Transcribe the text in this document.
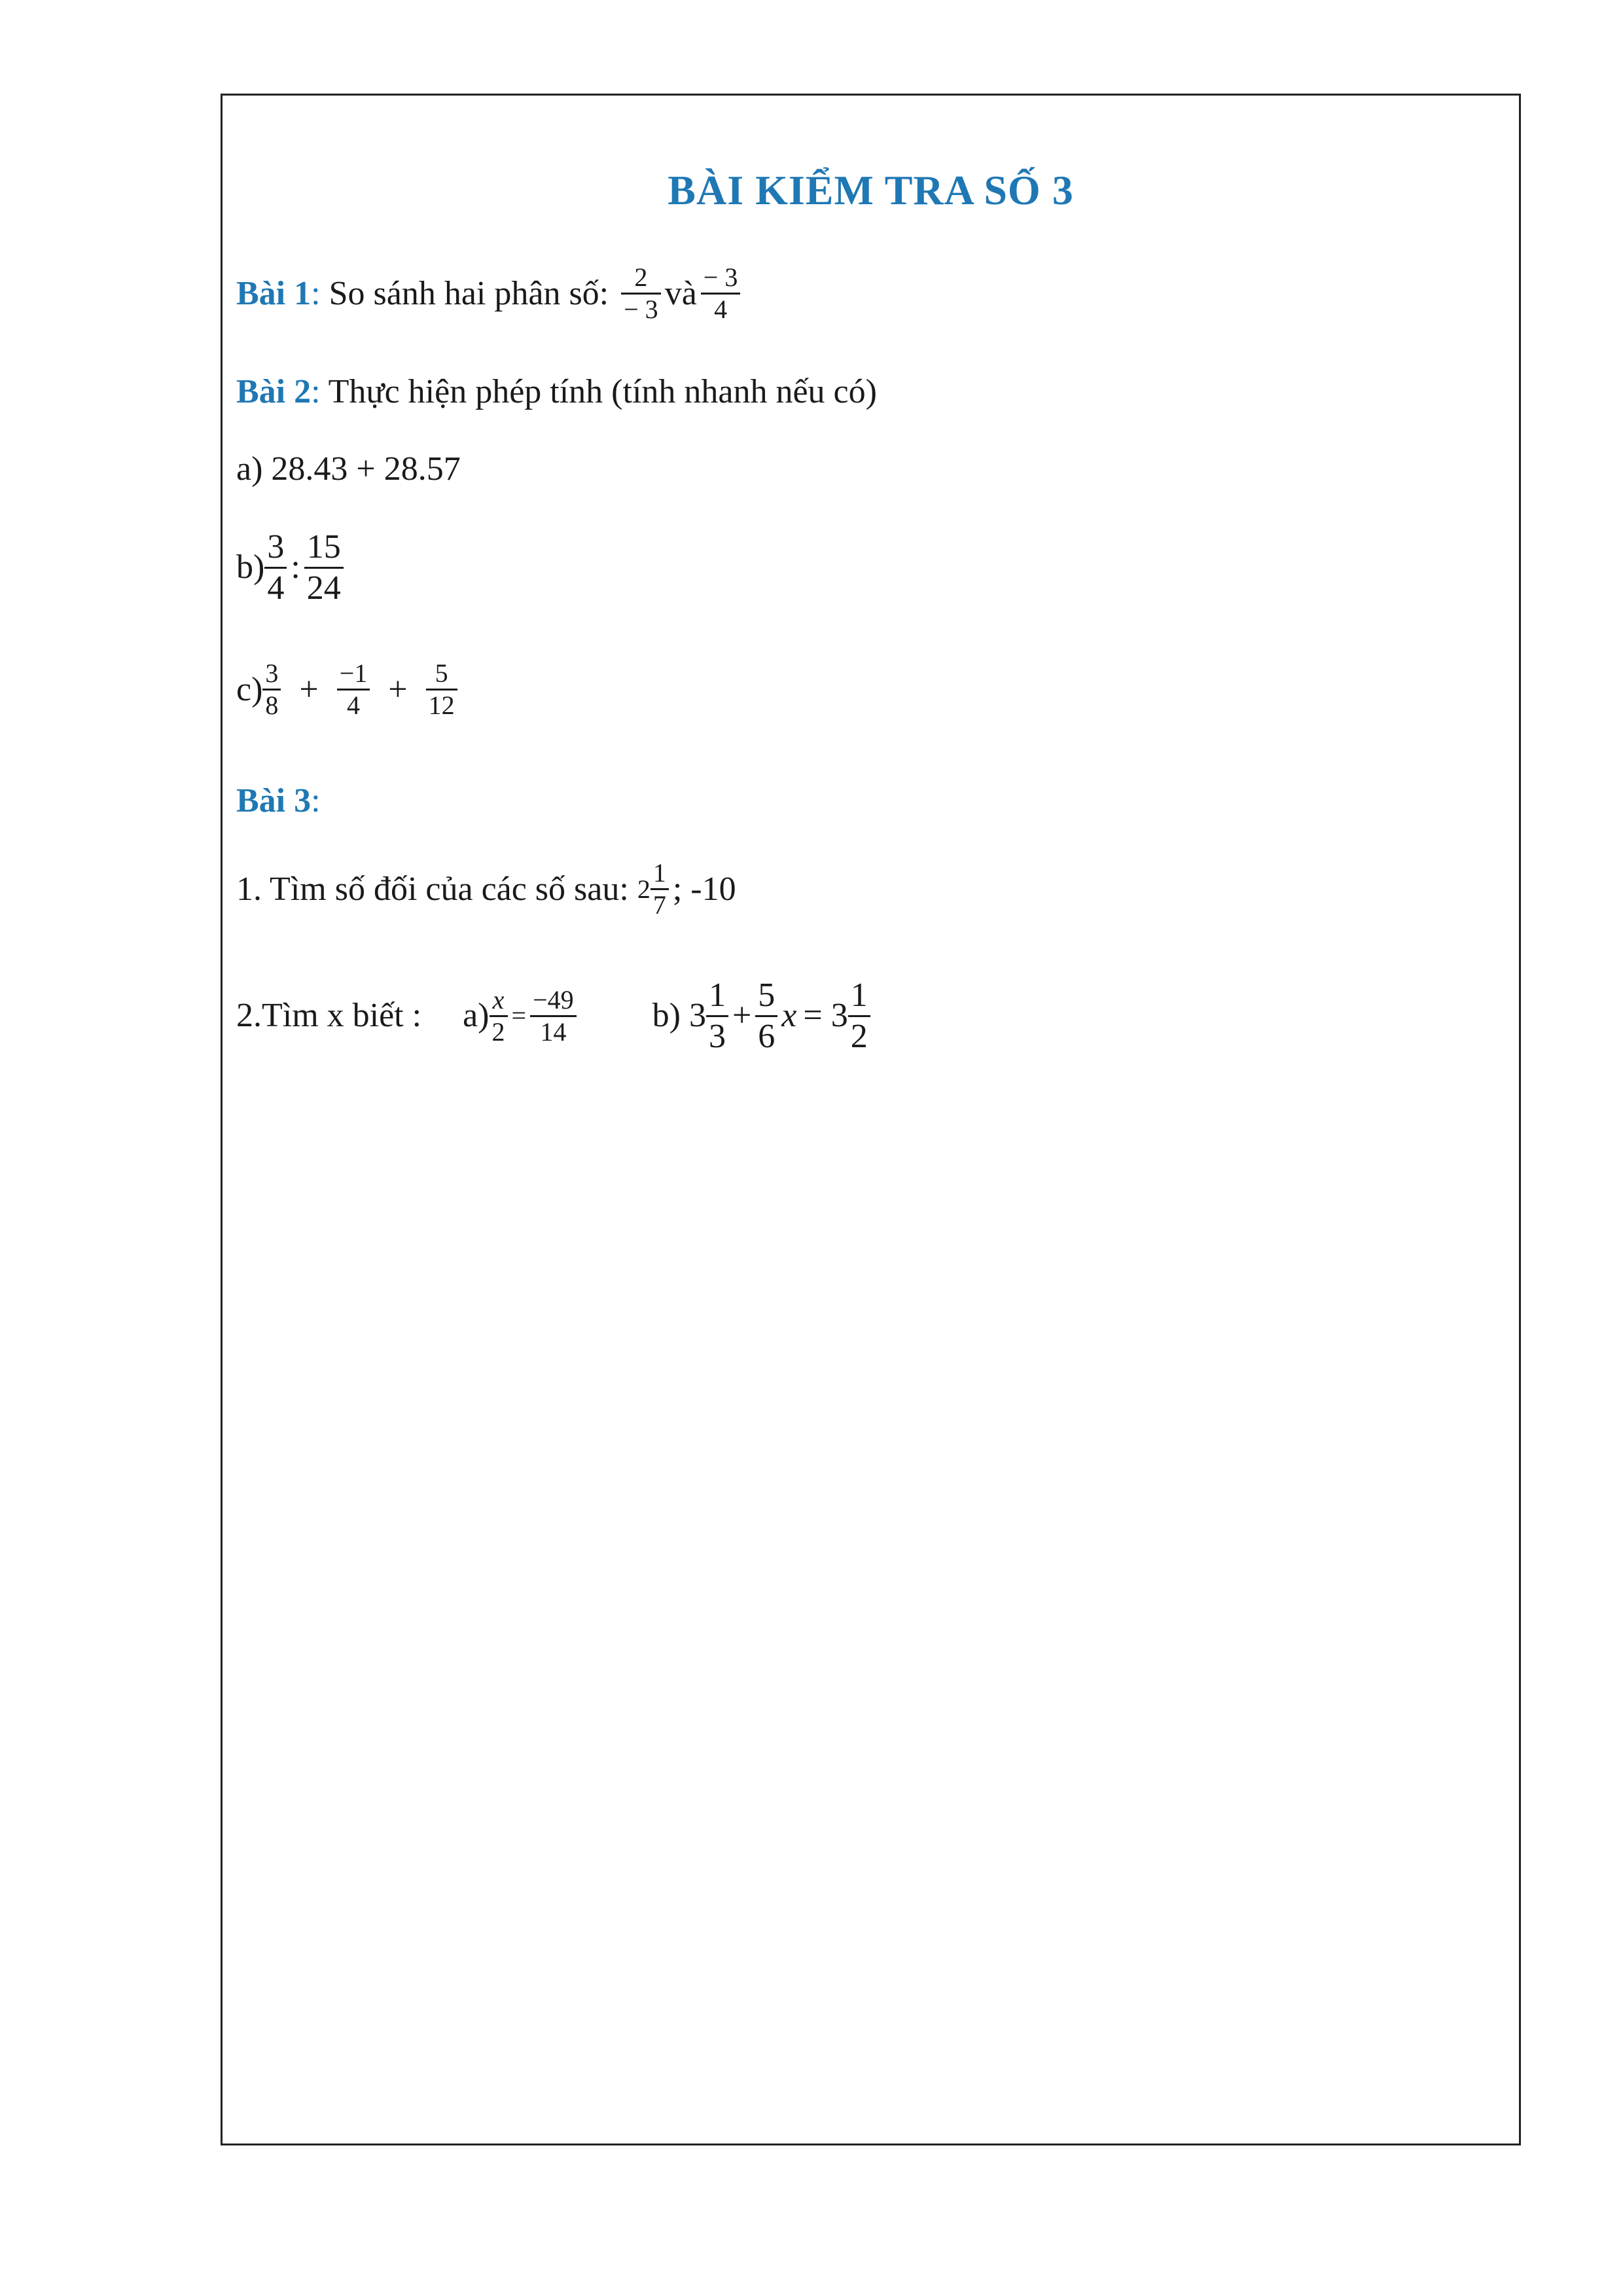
BÀI KIỂM TRA SỐ 3
Bài 1 : So sánh hai phân số: $\frac{2}{- 3}$ và $\frac{- 3}{4}$
Bài 2 : Thực hiện phép tính (tính nhanh nếu có)
a) 28.43 + 28.57
$b) \frac{3}{4}$ : $\frac{15}{24}$
$c) \frac{3}{8} + \frac{-1}{4} + \frac{5}{12}$
Bài 3 :
1. Tìm số đối của các số sau: $2 \frac{1}{7}$ ; -10
2.Tìm x biết : $a) \frac{x}{2} = \frac{-49}{14} b$) $3 \frac{1}{3} + \frac{5}{6}$ $x = 3 \frac{1}{2}$
